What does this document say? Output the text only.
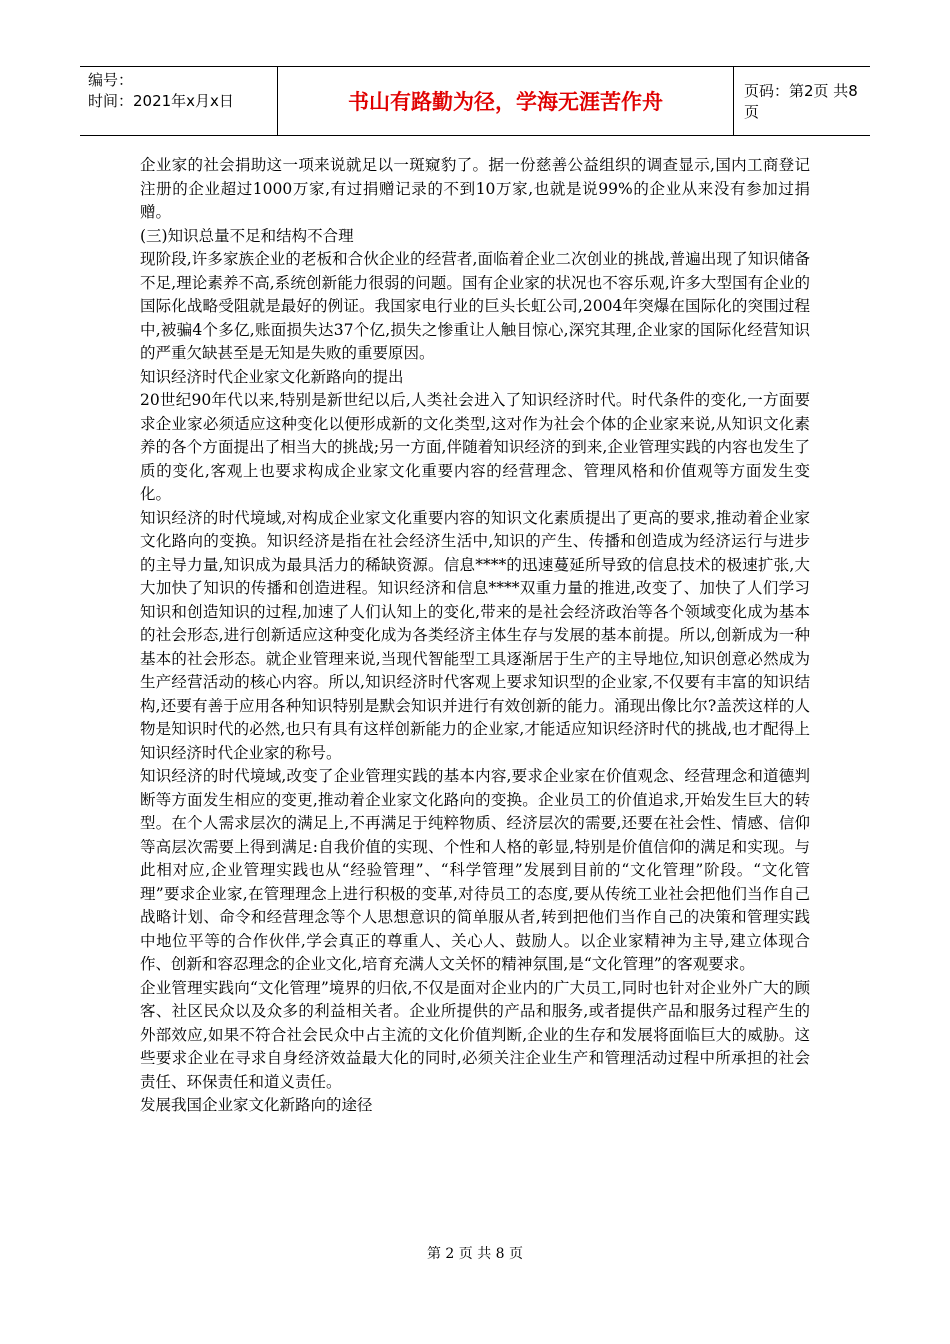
编号：
时间：2021年x月x日	书山有路勤为径，学海无涯苦作舟	页码：第2页 共8页

企业家的社会捐助这一项来说就足以一斑窥豹了。据一份慈善公益组织的调查显示,国内工商登记注册的企业超过1000万家,有过捐赠记录的不到10万家,也就是说99%的企业从来没有参加过捐赠。

(三)知识总量不足和结构不合理

现阶段,许多家族企业的老板和合伙企业的经营者,面临着企业二次创业的挑战,普遍出现了知识储备不足,理论素养不高,系统创新能力很弱的问题。国有企业家的状况也不容乐观,许多大型国有企业的国际化战略受阻就是最好的例证。我国家电行业的巨头长虹公司,2004年突爆在国际化的突围过程中,被骗4个多亿,账面损失达37个亿,损失之惨重让人触目惊心,深究其理,企业家的国际化经营知识的严重欠缺甚至是无知是失败的重要原因。

知识经济时代企业家文化新路向的提出

20世纪90年代以来,特别是新世纪以后,人类社会进入了知识经济时代。时代条件的变化,一方面要求企业家必须适应这种变化以便形成新的文化类型,这对作为社会个体的企业家来说,从知识文化素养的各个方面提出了相当大的挑战;另一方面,伴随着知识经济的到来,企业管理实践的内容也发生了质的变化,客观上也要求构成企业家文化重要内容的经营理念、管理风格和价值观等方面发生变化。

知识经济的时代境域,对构成企业家文化重要内容的知识文化素质提出了更高的要求,推动着企业家文化路向的变换。知识经济是指在社会经济生活中,知识的产生、传播和创造成为经济运行与进步的主导力量,知识成为最具活力的稀缺资源。信息****的迅速蔓延所导致的信息技术的极速扩张,大大加快了知识的传播和创造进程。知识经济和信息****双重力量的推进,改变了、加快了人们学习知识和创造知识的过程,加速了人们认知上的变化,带来的是社会经济政治等各个领域变化成为基本的社会形态,进行创新适应这种变化成为各类经济主体生存与发展的基本前提。所以,创新成为一种基本的社会形态。就企业管理来说,当现代智能型工具逐渐居于生产的主导地位,知识创意必然成为生产经营活动的核心内容。所以,知识经济时代客观上要求知识型的企业家,不仅要有丰富的知识结构,还要有善于应用各种知识特别是默会知识并进行有效创新的能力。涌现出像比尔?盖茨这样的人物是知识时代的必然,也只有具有这样创新能力的企业家,才能适应知识经济时代的挑战,也才配得上知识经济时代企业家的称号。

知识经济的时代境域,改变了企业管理实践的基本内容,要求企业家在价值观念、经营理念和道德判断等方面发生相应的变更,推动着企业家文化路向的变换。企业员工的价值追求,开始发生巨大的转型。在个人需求层次的满足上,不再满足于纯粹物质、经济层次的需要,还要在社会性、情感、信仰等高层次需要上得到满足:自我价值的实现、个性和人格的彰显,特别是价值信仰的满足和实现。与此相对应,企业管理实践也从“经验管理”、“科学管理”发展到目前的“文化管理”阶段。“文化管理”要求企业家,在管理理念上进行积极的变革,对待员工的态度,要从传统工业社会把他们当作自己战略计划、命令和经营理念等个人思想意识的简单服从者,转到把他们当作自己的决策和管理实践中地位平等的合作伙伴,学会真正的尊重人、关心人、鼓励人。以企业家精神为主导,建立体现合作、创新和容忍理念的企业文化,培育充满人文关怀的精神氛围,是“文化管理”的客观要求。

企业管理实践向“文化管理”境界的归依,不仅是面对企业内的广大员工,同时也针对企业外广大的顾客、社区民众以及众多的利益相关者。企业所提供的产品和服务,或者提供产品和服务过程产生的外部效应,如果不符合社会民众中占主流的文化价值判断,企业的生存和发展将面临巨大的威胁。这些要求企业在寻求自身经济效益最大化的同时,必须关注企业生产和管理活动过程中所承担的社会责任、环保责任和道义责任。

发展我国企业家文化新路向的途径

第 2 页 共 8 页
